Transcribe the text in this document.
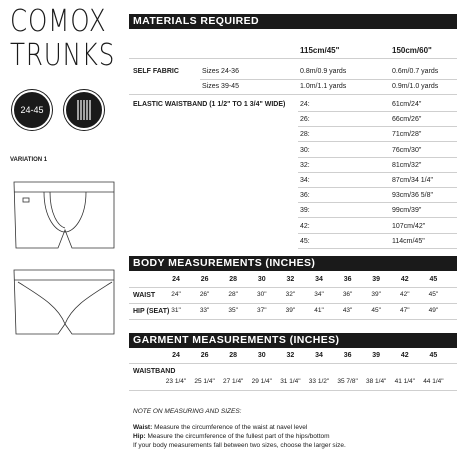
COMOX
TRUNKS
24-45
VARIATION 1
MATERIALS REQUIRED
115cm/45"	150cm/60"
SELF FABRIC	Sizes 24-36	0.8m/0.9 yards	0.6m/0.7 yards
Sizes 39-45	1.0m/1.1 yards	0.9m/1.0 yards
ELASTIC WAISTBAND (1 1/2" TO 1 3/4" WIDE)
BODY MEASUREMENTS (INCHES)
GARMENT MEASUREMENTS (INCHES)
NOTE ON MEASURING AND SIZES:
Waist: Measure the circumference of the waist at navel level
Hip: Measure the circumference of the fullest part of the hips/bottom
If your body measurements fall between two sizes, choose the larger size.
24:	61cm/24"
26:	66cm/26"
28:	71cm/28"
30:	76cm/30"
32:	81cm/32"
34:	87cm/34 1/4"
36:	93cm/36 5/8"
39:	99cm/39"
42:	107cm/42"
45:	114cm/45"
24	26	28	30	32	34	36	39	42	45
WAIST	24"	26"	28"	30"	32"	34"	36"	39"	42"	45"
HIP (SEAT) 31"	33"	35"	37"	39"	41"	43"	45"	47"	49"
24	26	28	30	32	34	36	39	42	45
WAISTBAND
23 1/4"	25 1/4"	27 1/4"	29 1/4"	31 1/4"	33 1/2"	35 7/8"	38 1/4"	41 1/4"	44 1/4"
